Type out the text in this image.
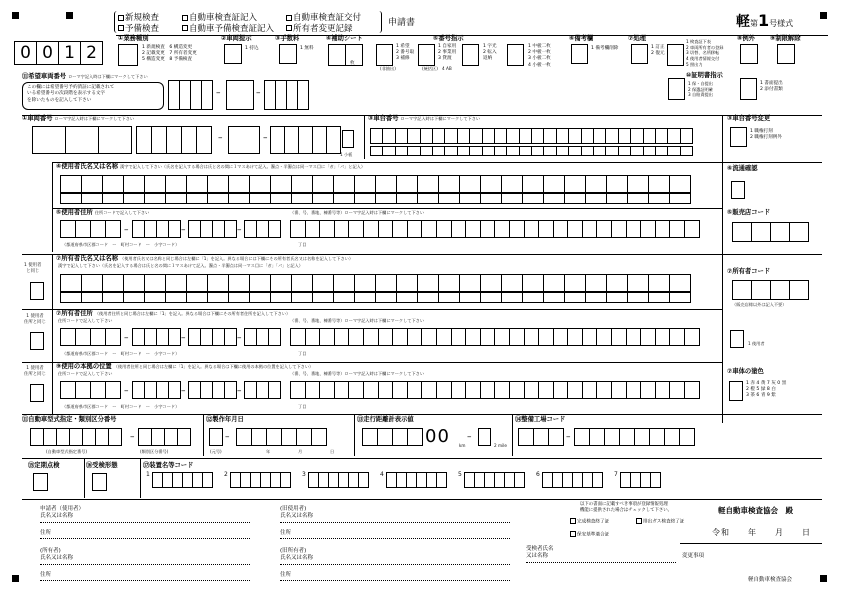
新規検査
予備検査
自動車検査証記入
自動車予備検査証記入
自動車検査証交付
所有者変更記録
申請書	軽第1号様式
0 0 1 2
①業務種別
1 新規検査　6 構造変更
2 記載変更　7 所有者変更
5 構造変更　8 予備検査
②車両提示
1 持込
③手数料
1 無料
④補助シート
枚
⑤番号指示
1 希望
2 番号取
3 補修
1 自家用
2 事業用
3 貸渡
1 字光
2 転入
返納
1 中板二枚
2 中板一枚
3 小板二枚
4 小板一枚
(非抽出)	(統括区) 4 AB
⑥備考欄
1 備考欄削除
⑦処理
1 訂正
2 復元
1 検査証下表
2 車両所有者の登録
3 切替、名所移転
4 使用者情報交付
5 照出力
⑧例外 ⑨制限解除
⑩証明書指示
1 保・自提出
2 保選証明確
3 自賠責提出
1 書面提出
2 添付書類
⑪希望車両番号 ローマ字記入時は下欄にマークして下さい
この欄には希望番号予約済証に記載されて
いる希望番号の次段階を表示する文字
を除いたものを記入して下さい
–	–
①車両番号 ローマ字記入時は下欄にマークして下さい
–	–
1 小板
③車台番号 ローマ字記入時は下欄にマークして下さい	③車台番号変更
1 職権打刻
2 職権打刻例外
④使用者氏名又は名称 漢字で記入して下さい（氏名を記入する場合は氏と名の間に１マスあけて記入。濁点・半濁点は同一マス目に「ガ」「パ」と記入）	⑥流通確認
⑤使用者住所 住所コードで記入して下さい	（番、号、番地、棟番号等）ローマ字記入時は下欄にマークして下さい
–	–	–
（都道府県市区郡コード　ー　町村コード　ー　小字コード）	丁目
⑤販売店コード
1 使用者
と同じ
⑦所有者氏名又は名称 （使用者氏名又は名称と同じ場合は左欄に「1」を記入。異なる場合には下欄にその所有者氏名又は名称を記入して下さい）
漢字で記入して下さい（氏名を記入する場合は氏と名の間に１マスあけて記入。濁点・半濁点は同一マス目に「ガ」「パ」と記入）
⑦所有者コード
（販売店様以外は記入不要）
1 使用者
1 使用者
住所と同じ
⑦所有者住所 （使用者住所と同じ場合は左欄に「1」を記入。異なる場合は下欄にその所有者住所を記入して下さい）
住所コードで記入して下さい	（番、号、番地、棟番号等）ローマ字記入時は下欄にマークして下さい
–	–	–
（都道府県市区郡コード　ー　町村コード　ー　小字コード）	丁目
1 使用者
住所と同じ
⑨使用の本拠の位置 （使用者住所と同じ場合は左欄に「1」を記入。異なる場合は下欄に使用の本拠の位置を記入して下さい）
住所コードで記入して下さい	（番、号、番地、棟番号等）ローマ字記入時は下欄にマークして下さい
–	–	–
（都道府県市区郡コード　ー　町村コード　ー　小字コード）	丁目
⑦車体の塗色
1 赤 4 黄 7 灰 0 黒
2 橙 5 緑 8 白
3 茶 6 青 9 紫
⑪自動車型式指定・類別区分番号
–
(自動車型式指定番号)	(類別区分番号)
⑫製作年月日
–
(元号)	年	月	日
⑬走行距離計表示値
00 km
–
2 mile
⑭整備工場コード
–
⑮定期点検	⑯受検形態	⑰装置名等コード
1	2	3	4	5	6	7
申請者（使用者）
氏名又は名称
住所
(旧使用者)
氏名又は名称
住所
(所有者)
氏名又は名称
住所
(旧所有者)
氏名又は名称
住所
受検者氏名
又は名称
以下の書面に記載すべき事項が登録情報処理
機能に提供された場合はチェックして下さい。
完成検査終了証	排出ガス検査終了証
保安基準適合証
軽自動車検査協会　殿
令和　　年　　月　　日
変更事項
軽自動車検査協会
